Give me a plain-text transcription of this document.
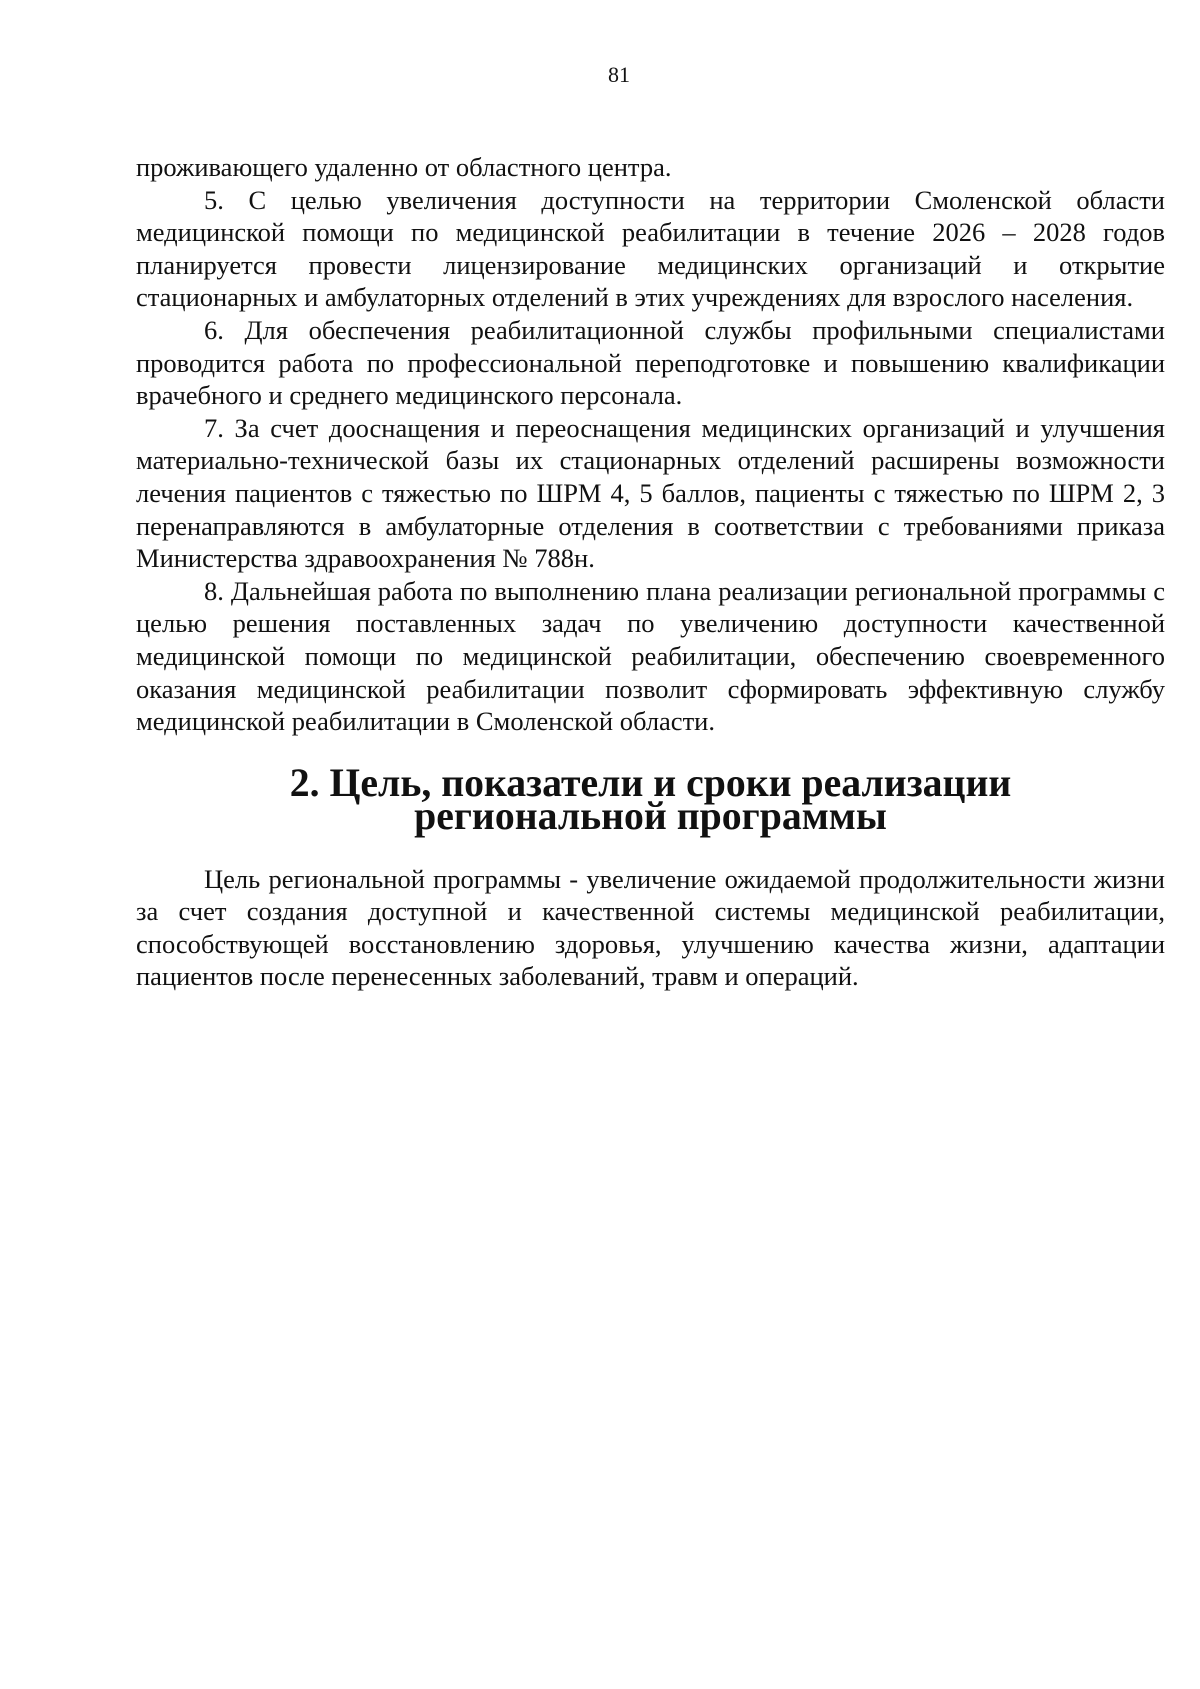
81

проживающего удаленно от областного центра.

5. С целью увеличения доступности на территории Смоленской области медицинской помощи по медицинской реабилитации в течение 2026 – 2028 годов планируется провести лицензирование медицинских организаций и открытие стационарных и амбулаторных отделений в этих учреждениях для взрослого населения.

6. Для обеспечения реабилитационной службы профильными специалистами проводится работа по профессиональной переподготовке и повышению квалификации врачебного и среднего медицинского персонала.

7. За счет дооснащения и переоснащения медицинских организаций и улучшения материально-технической базы их стационарных отделений расширены возможности лечения пациентов с тяжестью по ШРМ 4, 5 баллов, пациенты с тяжестью по ШРМ 2, 3 перенаправляются в амбулаторные отделения в соответствии с требованиями приказа Министерства здравоохранения № 788н.

8. Дальнейшая работа по выполнению плана реализации региональной программы с целью решения поставленных задач по увеличению доступности качественной медицинской помощи по медицинской реабилитации, обеспечению своевременного оказания медицинской реабилитации позволит сформировать эффективную службу медицинской реабилитации в Смоленской области.

2. Цель, показатели и сроки реализации
региональной программы

Цель региональной программы - увеличение ожидаемой продолжительности жизни за счет создания доступной и качественной системы медицинской реабилитации, способствующей восстановлению здоровья, улучшению качества жизни, адаптации пациентов после перенесенных заболеваний, травм и операций.
